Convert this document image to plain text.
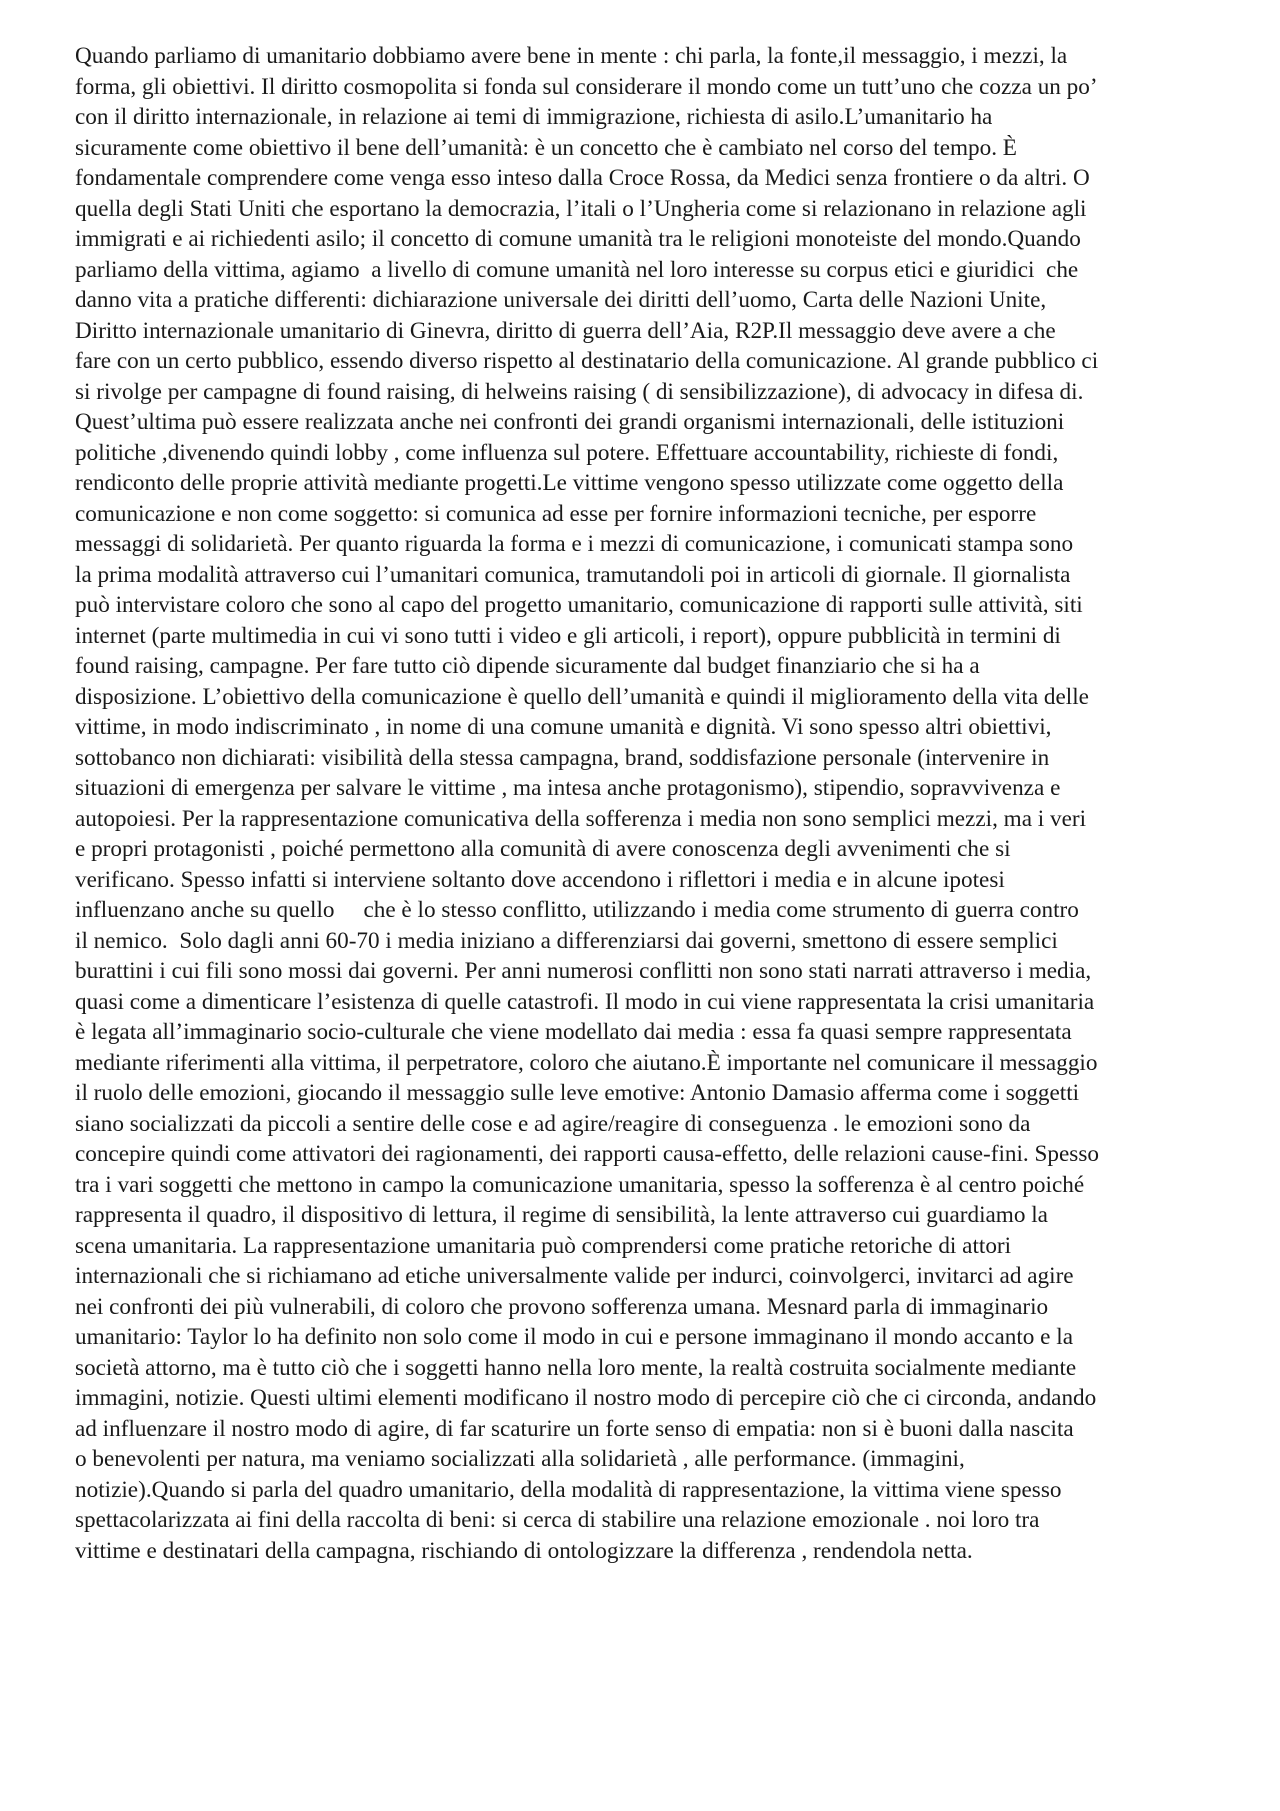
Quando parliamo di umanitario dobbiamo avere bene in mente : chi parla, la fonte,il messaggio, i mezzi, la
forma, gli obiettivi. Il diritto cosmopolita si fonda sul considerare il mondo come un tutt’uno che cozza un po’
con il diritto internazionale, in relazione ai temi di immigrazione, richiesta di asilo.L’umanitario ha
sicuramente come obiettivo il bene dell’umanità: è un concetto che è cambiato nel corso del tempo. È
fondamentale comprendere come venga esso inteso dalla Croce Rossa, da Medici senza frontiere o da altri. O
quella degli Stati Uniti che esportano la democrazia, l’itali o l’Ungheria come si relazionano in relazione agli
immigrati e ai richiedenti asilo; il concetto di comune umanità tra le religioni monoteiste del mondo.Quando
parliamo della vittima, agiamo  a livello di comune umanità nel loro interesse su corpus etici e giuridici  che
danno vita a pratiche differenti: dichiarazione universale dei diritti dell’uomo, Carta delle Nazioni Unite,
Diritto internazionale umanitario di Ginevra, diritto di guerra dell’Aia, R2P.Il messaggio deve avere a che
fare con un certo pubblico, essendo diverso rispetto al destinatario della comunicazione. Al grande pubblico ci
si rivolge per campagne di found raising, di helweins raising ( di sensibilizzazione), di advocacy in difesa di.
Quest’ultima può essere realizzata anche nei confronti dei grandi organismi internazionali, delle istituzioni
politiche ,divenendo quindi lobby , come influenza sul potere. Effettuare accountability, richieste di fondi,
rendiconto delle proprie attività mediante progetti.Le vittime vengono spesso utilizzate come oggetto della
comunicazione e non come soggetto: si comunica ad esse per fornire informazioni tecniche, per esporre
messaggi di solidarietà. Per quanto riguarda la forma e i mezzi di comunicazione, i comunicati stampa sono
la prima modalità attraverso cui l’umanitari comunica, tramutandoli poi in articoli di giornale. Il giornalista
può intervistare coloro che sono al capo del progetto umanitario, comunicazione di rapporti sulle attività, siti
internet (parte multimedia in cui vi sono tutti i video e gli articoli, i report), oppure pubblicità in termini di
found raising, campagne. Per fare tutto ciò dipende sicuramente dal budget finanziario che si ha a
disposizione. L’obiettivo della comunicazione è quello dell’umanità e quindi il miglioramento della vita delle
vittime, in modo indiscriminato , in nome di una comune umanità e dignità. Vi sono spesso altri obiettivi,
sottobanco non dichiarati: visibilità della stessa campagna, brand, soddisfazione personale (intervenire in
situazioni di emergenza per salvare le vittime , ma intesa anche protagonismo), stipendio, sopravvivenza e
autopoiesi. Per la rappresentazione comunicativa della sofferenza i media non sono semplici mezzi, ma i veri
e propri protagonisti , poiché permettono alla comunità di avere conoscenza degli avvenimenti che si
verificano. Spesso infatti si interviene soltanto dove accendono i riflettori i media e in alcune ipotesi
influenzano anche su quello     che è lo stesso conflitto, utilizzando i media come strumento di guerra contro
il nemico.  Solo dagli anni 60-70 i media iniziano a differenziarsi dai governi, smettono di essere semplici
burattini i cui fili sono mossi dai governi. Per anni numerosi conflitti non sono stati narrati attraverso i media,
quasi come a dimenticare l’esistenza di quelle catastrofi. Il modo in cui viene rappresentata la crisi umanitaria
è legata all’immaginario socio-culturale che viene modellato dai media : essa fa quasi sempre rappresentata
mediante riferimenti alla vittima, il perpetratore, coloro che aiutano.È importante nel comunicare il messaggio
il ruolo delle emozioni, giocando il messaggio sulle leve emotive: Antonio Damasio afferma come i soggetti
siano socializzati da piccoli a sentire delle cose e ad agire/reagire di conseguenza . le emozioni sono da
concepire quindi come attivatori dei ragionamenti, dei rapporti causa-effetto, delle relazioni cause-fini. Spesso
tra i vari soggetti che mettono in campo la comunicazione umanitaria, spesso la sofferenza è al centro poiché
rappresenta il quadro, il dispositivo di lettura, il regime di sensibilità, la lente attraverso cui guardiamo la
scena umanitaria. La rappresentazione umanitaria può comprendersi come pratiche retoriche di attori
internazionali che si richiamano ad etiche universalmente valide per indurci, coinvolgerci, invitarci ad agire
nei confronti dei più vulnerabili, di coloro che provono sofferenza umana. Mesnard parla di immaginario
umanitario: Taylor lo ha definito non solo come il modo in cui e persone immaginano il mondo accanto e la
società attorno, ma è tutto ciò che i soggetti hanno nella loro mente, la realtà costruita socialmente mediante
immagini, notizie. Questi ultimi elementi modificano il nostro modo di percepire ciò che ci circonda, andando
ad influenzare il nostro modo di agire, di far scaturire un forte senso di empatia: non si è buoni dalla nascita
o benevolenti per natura, ma veniamo socializzati alla solidarietà , alle performance. (immagini,
notizie).Quando si parla del quadro umanitario, della modalità di rappresentazione, la vittima viene spesso
spettacolarizzata ai fini della raccolta di beni: si cerca di stabilire una relazione emozionale . noi loro tra
vittime e destinatari della campagna, rischiando di ontologizzare la differenza , rendendola netta.
